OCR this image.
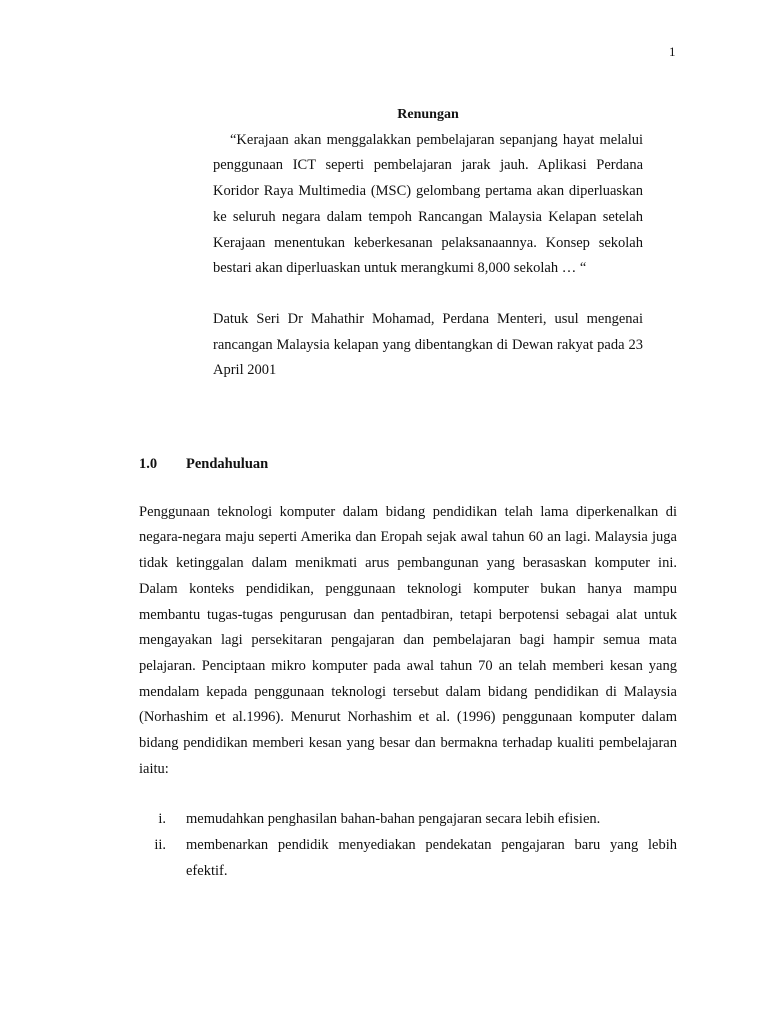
1

Renungan

“Kerajaan akan menggalakkan pembelajaran sepanjang hayat melalui penggunaan ICT seperti pembelajaran jarak jauh. Aplikasi Perdana Koridor Raya Multimedia (MSC) gelombang pertama akan diperluaskan ke seluruh negara dalam tempoh Rancangan Malaysia Kelapan setelah Kerajaan menentukan keberkesanan pelaksanaannya. Konsep sekolah bestari akan diperluaskan untuk merangkumi 8,000 sekolah … “

Datuk Seri Dr Mahathir Mohamad, Perdana Menteri, usul mengenai rancangan Malaysia kelapan yang dibentangkan di Dewan rakyat pada 23 April 2001

1.0	Pendahuluan

Penggunaan teknologi komputer dalam bidang pendidikan telah lama diperkenalkan di negara-negara maju seperti Amerika dan Eropah sejak awal tahun 60 an lagi. Malaysia juga tidak ketinggalan dalam menikmati arus pembangunan yang berasaskan komputer ini. Dalam konteks pendidikan, penggunaan teknologi komputer bukan hanya mampu membantu tugas-tugas pengurusan dan pentadbiran, tetapi berpotensi sebagai alat untuk mengayakan lagi persekitaran pengajaran dan pembelajaran bagi hampir semua mata pelajaran. Penciptaan mikro komputer pada awal tahun 70 an telah memberi kesan yang mendalam kepada penggunaan teknologi tersebut dalam bidang pendidikan di Malaysia (Norhashim et al.1996). Menurut Norhashim et al. (1996) penggunaan komputer dalam bidang pendidikan memberi kesan yang besar dan bermakna terhadap kualiti pembelajaran iaitu:

i.	memudahkan penghasilan bahan-bahan pengajaran secara lebih efisien.
ii.	membenarkan pendidik menyediakan pendekatan pengajaran baru yang lebih efektif.
